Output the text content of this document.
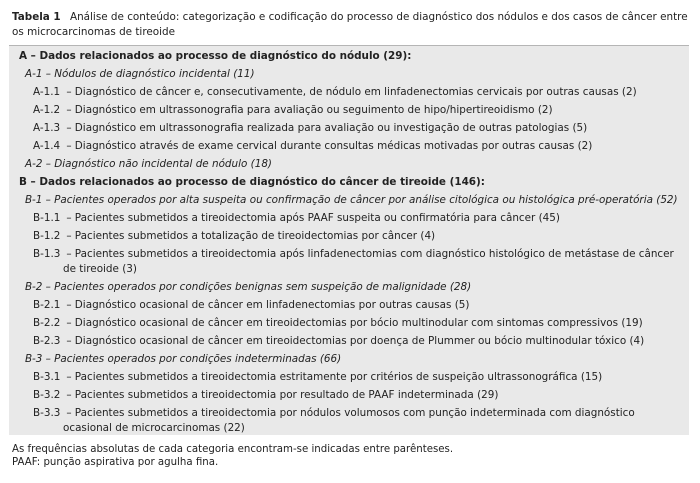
Tabela 1 Análise de conteúdo: categorização e codificação do processo de diagnóstico dos nódulos e dos casos de câncer entre os microcarcinomas de tireoide
A – Dados relacionados ao processo de diagnóstico do nódulo (29):
A-1 – Nódulos de diagnóstico incidental (11)
A-1.1 – Diagnóstico de câncer e, consecutivamente, de nódulo em linfadenectomias cervicais por outras causas (2)
A-1.2 – Diagnóstico em ultrassonografia para avaliação ou seguimento de hipo/hipertireoidismo (2)
A-1.3 – Diagnóstico em ultrassonografia realizada para avaliação ou investigação de outras patologias (5)
A-1.4 – Diagnóstico através de exame cervical durante consultas médicas motivadas por outras causas (2)
A-2 – Diagnóstico não incidental de nódulo (18)
B – Dados relacionados ao processo de diagnóstico do câncer de tireoide (146):
B-1 – Pacientes operados por alta suspeita ou confirmação de câncer por análise citológica ou histológica pré-operatória (52)
B-1.1 – Pacientes submetidos a tireoidectomia após PAAF suspeita ou confirmatória para câncer (45)
B-1.2 – Pacientes submetidos a totalização de tireoidectomias por câncer (4)
B-1.3 – Pacientes submetidos a tireoidectomia após linfadenectomias com diagnóstico histológico de metástase de câncer
de tireoide (3)
B-2 – Pacientes operados por condições benignas sem suspeição de malignidade (28)
B-2.1 – Diagnóstico ocasional de câncer em linfadenectomias por outras causas (5)
B-2.2 – Diagnóstico ocasional de câncer em tireoidectomias por bócio multinodular com sintomas compressivos (19)
B-2.3 – Diagnóstico ocasional de câncer em tireoidectomias por doença de Plummer ou bócio multinodular tóxico (4)
B-3 – Pacientes operados por condições indeterminadas (66)
B-3.1 – Pacientes submetidos a tireoidectomia estritamente por critérios de suspeição ultrassonográfica (15)
B-3.2 – Pacientes submetidos a tireoidectomia por resultado de PAAF indeterminada (29)
B-3.3 – Pacientes submetidos a tireoidectomia por nódulos volumosos com punção indeterminada com diagnóstico
ocasional de microcarcinomas (22)
As frequências absolutas de cada categoria encontram-se indicadas entre parênteses.
PAAF: punção aspirativa por agulha fina.
